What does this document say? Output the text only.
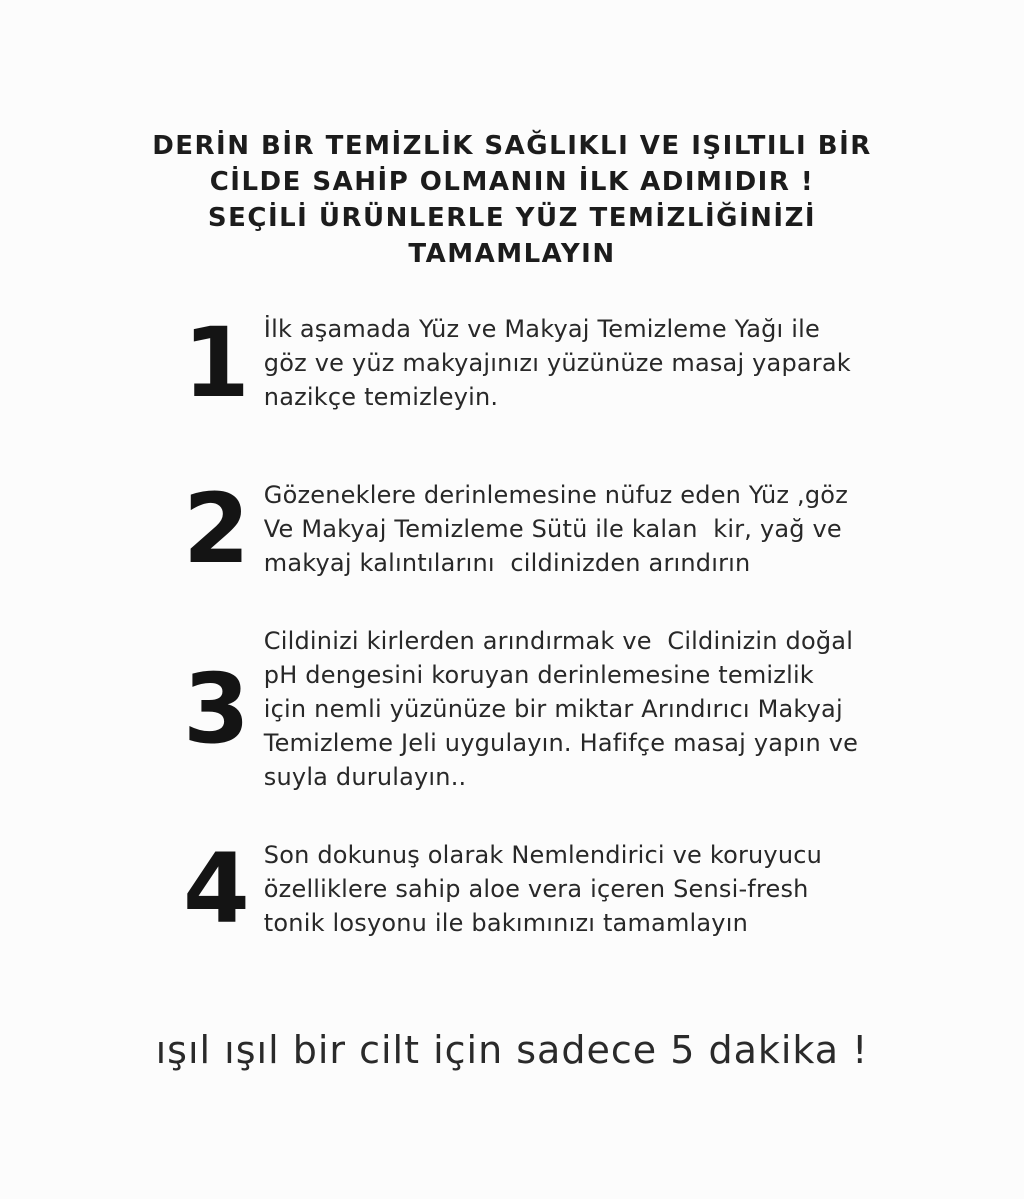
DERİN BİR TEMİZLİK SAĞLIKLI VE IŞILTILI BİR
CİLDE SAHİP OLMANIN İLK ADIMIDIR !
SEÇİLİ ÜRÜNLERLE YÜZ TEMİZLİĞİNİZİ
TAMAMLAYIN
1 İlk aşamada Yüz ve Makyaj Temizleme Yağı ile
göz ve yüz makyajınızı yüzünüze masaj yaparak
nazikçe temizleyin.
2 Gözeneklere derinlemesine nüfuz eden Yüz ,göz
Ve Makyaj Temizleme Sütü ile kalan  kir, yağ ve
makyaj kalıntılarını  cildinizden arındırın
3
Cildinizi kirlerden arındırmak ve  Cildinizin doğal
pH dengesini koruyan derinlemesine temizlik
için nemli yüzünüze bir miktar Arındırıcı Makyaj
Temizleme Jeli uygulayın. Hafifçe masaj yapın ve
suyla durulayın..
4 Son dokunuş olarak Nemlendirici ve koruyucu
özelliklere sahip aloe vera içeren Sensi-fresh
tonik losyonu ile bakımınızı tamamlayın
ışıl ışıl bir cilt için sadece 5 dakika !
